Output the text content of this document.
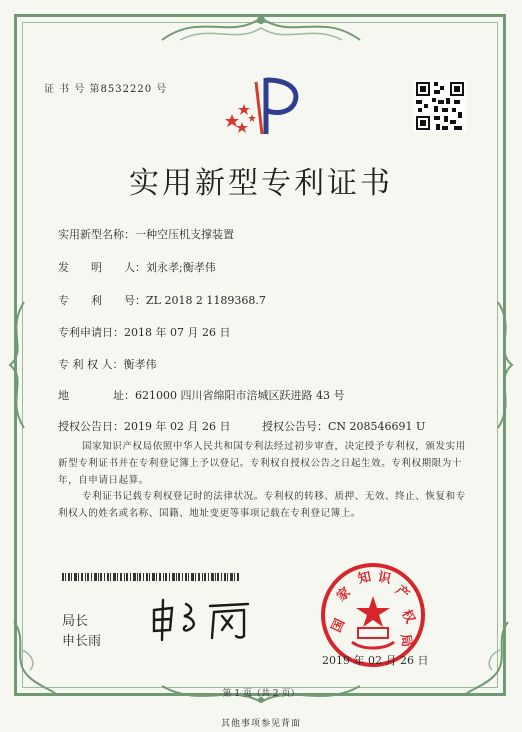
证 书 号 第8532220 号
实用新型专利证书
实用新型名称：一种空压机支撑装置
发　　明　　人：刘永孝;衡孝伟
专　　利　　号：ZL 2018 2 1189368.7
专利申请日：2018 年 07 月 26 日
专 利 权 人：衡孝伟
地　　　　址：621000 四川省绵阳市涪城区跃进路 43 号
授权公告日：2019 年 02 月 26 日	授权公告号：CN 208546691 U
国家知识产权局依照中华人民共和国专利法经过初步审查，决定授予专利权，颁发实用新型专利证书并在专利登记簿上予以登记。专利权自授权公告之日起生效。专利权期限为十年，自申请日起算。
专利证书记载专利权登记时的法律状况。专利权的转移、质押、无效、终止、恢复和专利权人的姓名或名称、国籍、地址变更等事项记载在专利登记簿上。
局长
申长雨
国
家
知 识
产
权
局
2019 年 02 月 26 日
第 1 页（共 2 页）
其他事项参见背面
